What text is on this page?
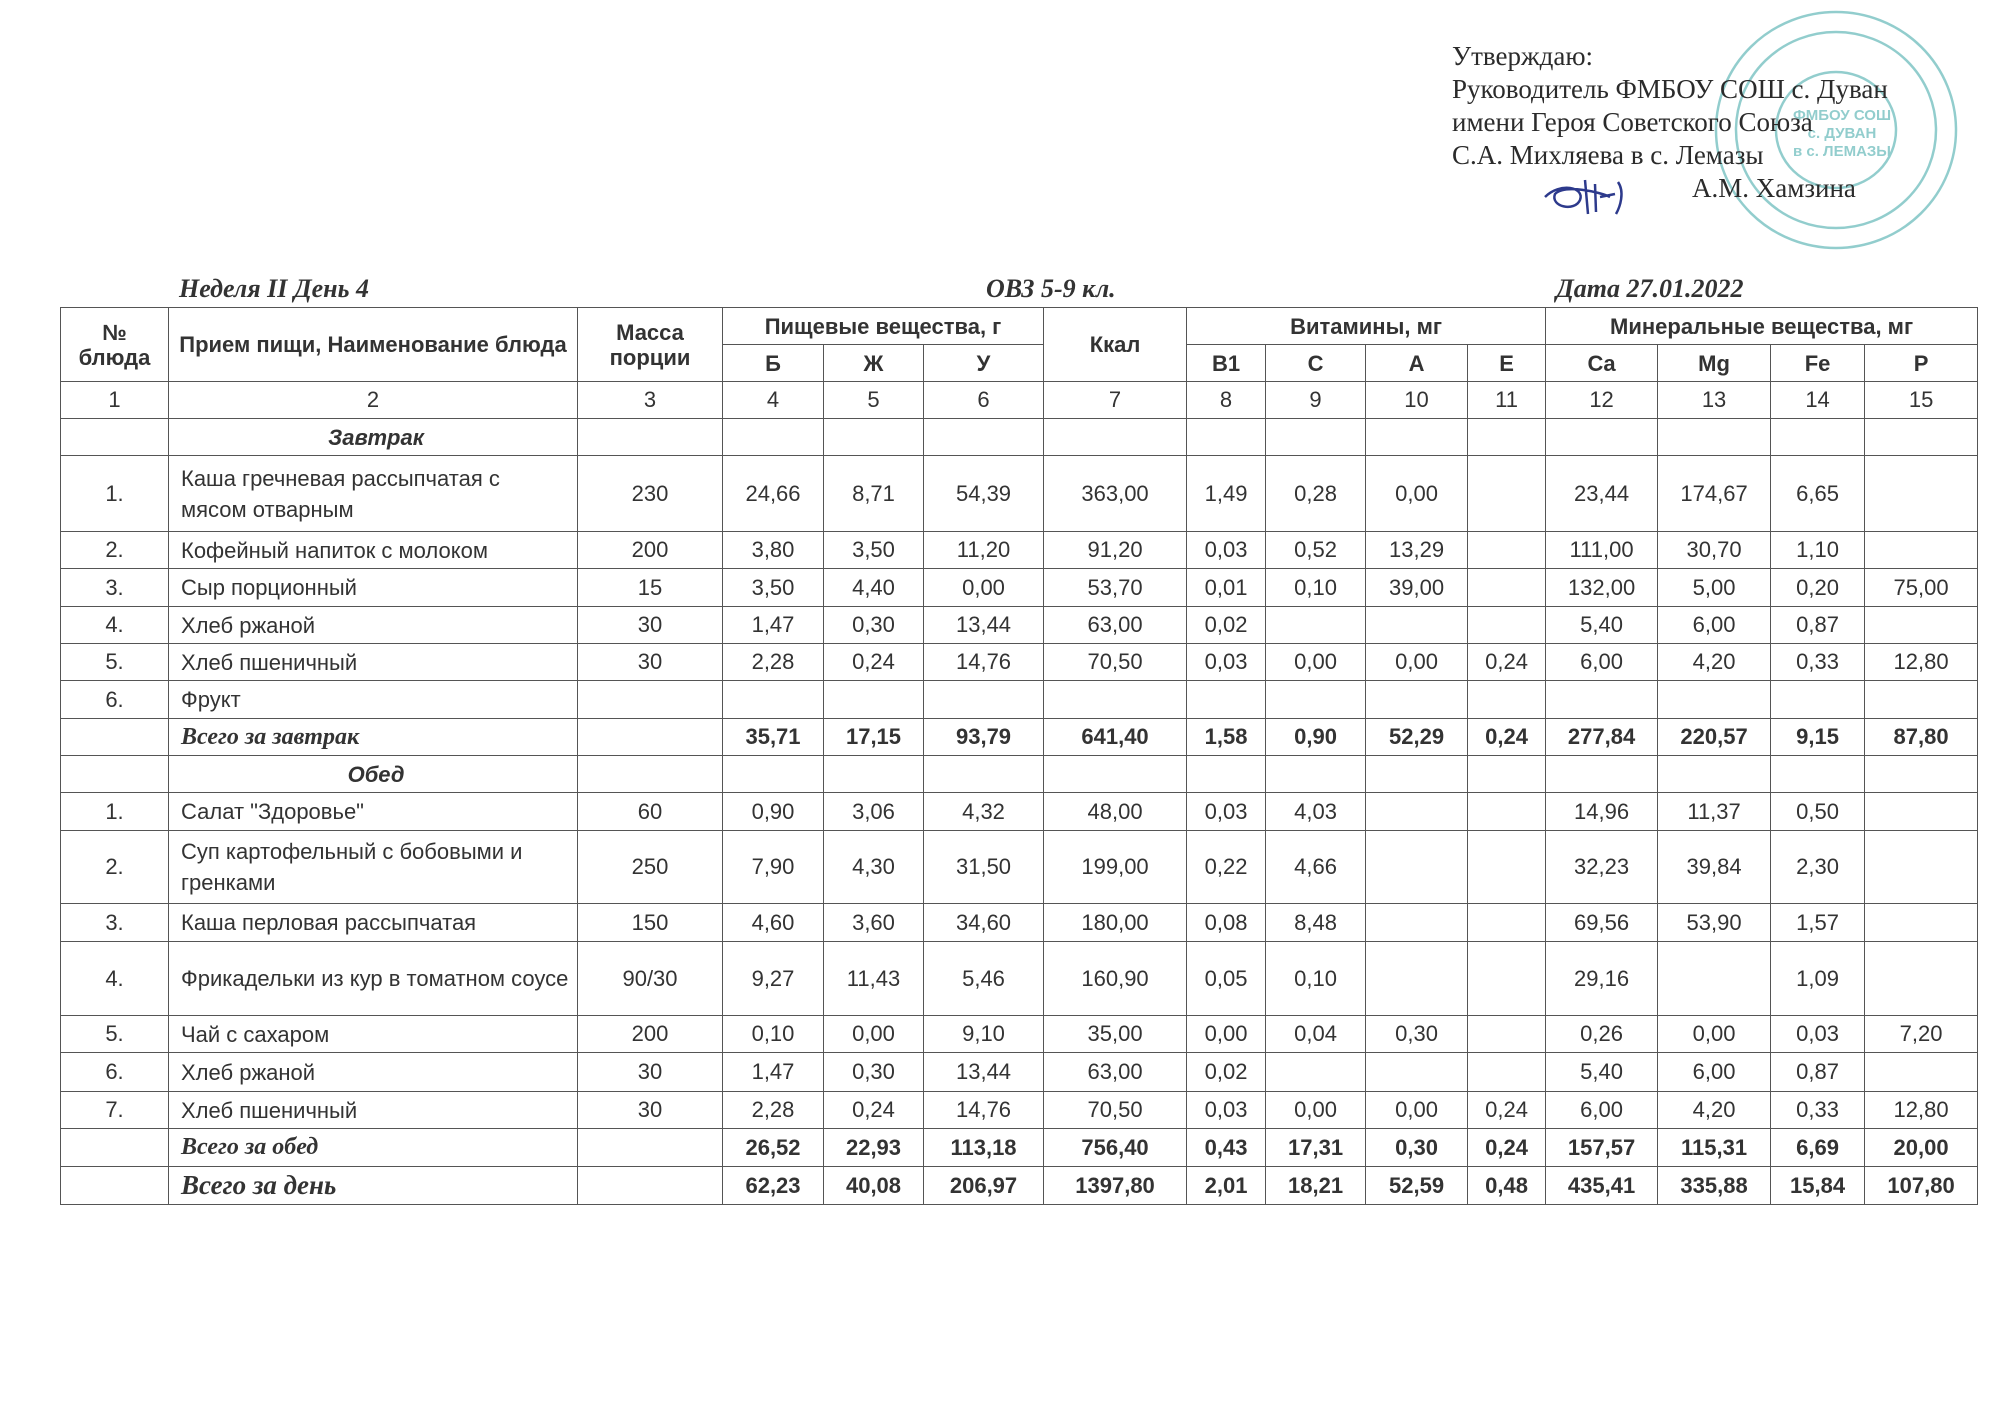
ФМБОУ СОШ
с. ДУВАН
в с. ЛЕМАЗЫ
Утверждаю:
Руководитель ФМБОУ СОШ с. Дуван
имени Героя Советского Союза
С.А. Михляева в с. Лемазы
А.М. Хамзина
Неделя II День 4	ОВЗ 5-9 кл.	Дата 27.01.2022
№ блюда	Прием пищи, Наименование блюда	Масса порции	Пищевые вещества, г			Ккал	Витамины, мг				Минеральные вещества, мг			
			Б	Ж	У		B1	C	A	E	Ca	Mg	Fe	P
1	2	3	4	5	6	7	8	9	10	11	12	13	14	15
	Завтрак													
1.	Каша гречневая рассыпчатая с мясом отварным	230	24,66	8,71	54,39	363,00	1,49	0,28	0,00		23,44	174,67	6,65	
2.	Кофейный напиток с молоком	200	3,80	3,50	11,20	91,20	0,03	0,52	13,29		111,00	30,70	1,10	
3.	Сыр порционный	15	3,50	4,40	0,00	53,70	0,01	0,10	39,00		132,00	5,00	0,20	75,00
4.	Хлеб ржаной	30	1,47	0,30	13,44	63,00	0,02				5,40	6,00	0,87	
5.	Хлеб пшеничный	30	2,28	0,24	14,76	70,50	0,03	0,00	0,00	0,24	6,00	4,20	0,33	12,80
6.	Фрукт													
	Всего за завтрак		35,71	17,15	93,79	641,40	1,58	0,90	52,29	0,24	277,84	220,57	9,15	87,80
	Обед													
1.	Салат "Здоровье"	60	0,90	3,06	4,32	48,00	0,03	4,03			14,96	11,37	0,50	
2.	Суп картофельный с бобовыми и гренками	250	7,90	4,30	31,50	199,00	0,22	4,66			32,23	39,84	2,30	
3.	Каша перловая рассыпчатая	150	4,60	3,60	34,60	180,00	0,08	8,48			69,56	53,90	1,57	
4.	Фрикадельки из кур в томатном соусе	90/30	9,27	11,43	5,46	160,90	0,05	0,10			29,16		1,09	
5.	Чай с сахаром	200	0,10	0,00	9,10	35,00	0,00	0,04	0,30		0,26	0,00	0,03	7,20
6.	Хлеб ржаной	30	1,47	0,30	13,44	63,00	0,02				5,40	6,00	0,87	
7.	Хлеб пшеничный	30	2,28	0,24	14,76	70,50	0,03	0,00	0,00	0,24	6,00	4,20	0,33	12,80
	Всего за обед		26,52	22,93	113,18	756,40	0,43	17,31	0,30	0,24	157,57	115,31	6,69	20,00
	Всего за день		62,23	40,08	206,97	1397,80	2,01	18,21	52,59	0,48	435,41	335,88	15,84	107,80
